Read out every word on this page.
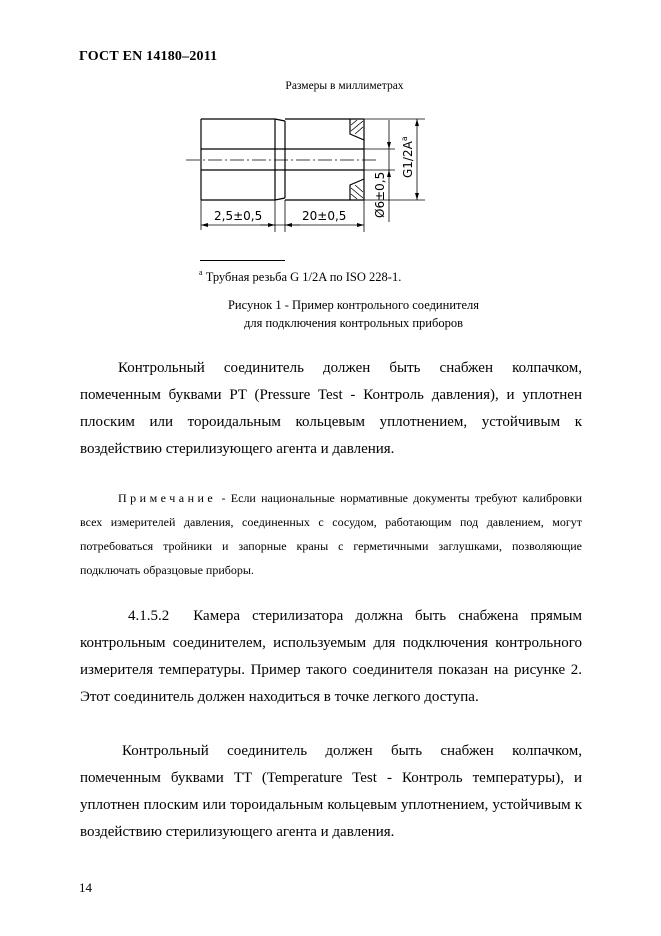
ГОСТ EN 14180–2011
Размеры в миллиметрах
2,5±0,5	20±0,5 Ø6±0,5
$G1/2A^a$
$^a$ Трубная резьба G 1/2A по ISO 228-1.
Рисунок 1 - Пример контрольного соединителя
для подключения контрольных приборов
Контрольный соединитель должен быть снабжен колпачком, помеченным буквами PT (Pressure Test - Контроль давления), и уплотнен плоским или тороидальным кольцевым уплотнением, устойчивым к воздействию стерилизующего агента и давления.
Примечание - Если национальные нормативные документы требуют калибровки всех измерителей давления, соединенных с сосудом, работающим под давлением, могут потребоваться тройники и запорные краны с герметичными заглушками, позволяющие подключать образцовые приборы.
4.1.5.2 Камера стерилизатора должна быть снабжена прямым контрольным соединителем, используемым для подключения контрольного измерителя температуры. Пример такого соединителя показан на рисунке 2. Этот соединитель должен находиться в точке легкого доступа.
Контрольный соединитель должен быть снабжен колпачком, помеченным буквами TT (Temperature Test - Контроль температуры), и уплотнен плоским или тороидальным кольцевым уплотнением, устойчивым к воздействию стерилизующего агента и давления.
14
